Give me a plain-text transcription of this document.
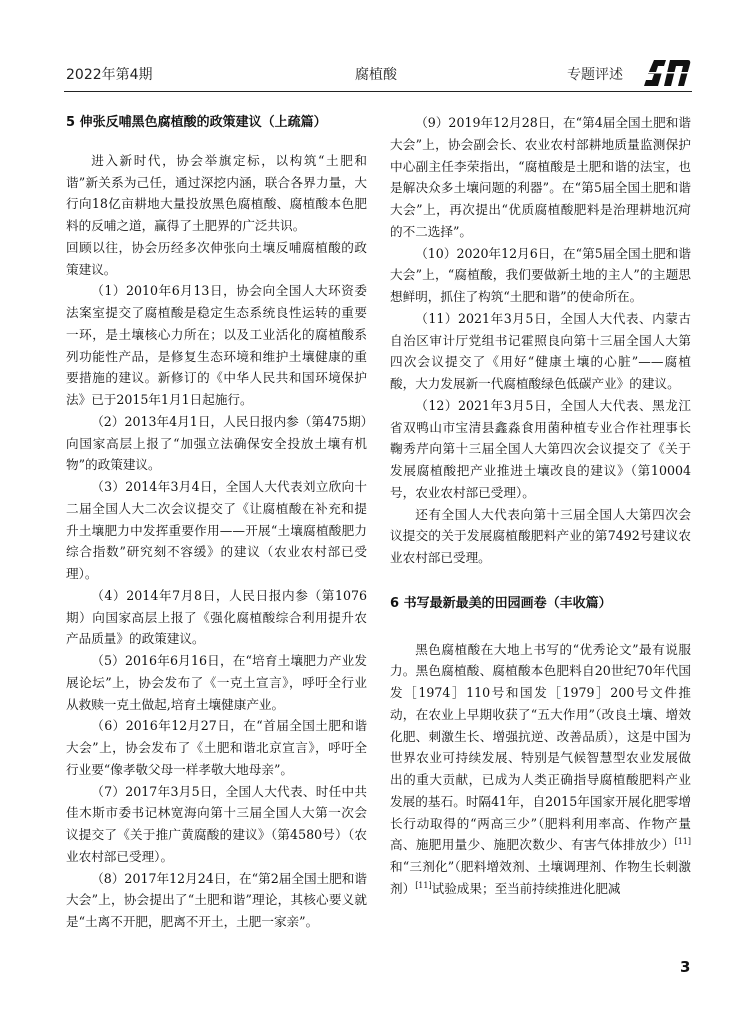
2022年第4期	腐植酸	专题评述
5 伸张反哺黑色腐植酸的政策建议（上疏篇）

进入新时代，协会举旗定标，以构筑“土肥和谐”新关系为己任，通过深挖内涵，联合各界力量，大行向18亿亩耕地大量投放黑色腐植酸、腐植酸本色肥料的反哺之道，赢得了土肥界的广泛共识。

回顾以往，协会历经多次伸张向土壤反哺腐植酸的政策建议。

（1）2010年6月13日，协会向全国人大环资委法案室提交了腐植酸是稳定生态系统良性运转的重要一环，是土壤核心力所在；以及工业活化的腐植酸系列功能性产品，是修复生态环境和维护土壤健康的重要措施的建议。新修订的《中华人民共和国环境保护法》已于2015年1月1日起施行。

（2）2013年4月1日，人民日报内参（第475期）向国家高层上报了“加强立法确保安全投放土壤有机物”的政策建议。

（3）2014年3月4日，全国人大代表刘立欣向十二届全国人大二次会议提交了《让腐植酸在补充和提升土壤肥力中发挥重要作用——开展“土壤腐植酸肥力综合指数”研究刻不容缓》的建议（农业农村部已受理）。

（4）2014年7月8日，人民日报内参（第1076期）向国家高层上报了《强化腐植酸综合利用提升农产品质量》的政策建议。

（5）2016年6月16日，在“培育土壤肥力产业发展论坛”上，协会发布了《一克土宣言》，呼吁全行业从救赎一克土做起,培育土壤健康产业。

（6）2016年12月27日，在“首届全国土肥和谐大会”上，协会发布了《土肥和谐北京宣言》，呼吁全行业要“像孝敬父母一样孝敬大地母亲”。

（7）2017年3月5日，全国人大代表、时任中共佳木斯市委书记林宽海向第十三届全国人大第一次会议提交了《关于推广黄腐酸的建议》（第4580号）（农业农村部已受理）。

（8）2017年12月24日，在“第2届全国土肥和谐大会”上，协会提出了“土肥和谐”理论，其核心要义就是“土离不开肥，肥离不开土，土肥一家亲”。

（9）2019年12月28日，在“第4届全国土肥和谐大会”上，协会副会长、农业农村部耕地质量监测保护中心副主任李荣指出，“腐植酸是土肥和谐的法宝，也是解决众多土壤问题的利器”。在“第5届全国土肥和谐大会”上，再次提出“优质腐植酸肥料是治理耕地沉疴的不二选择”。

（10）2020年12月6日，在“第5届全国土肥和谐大会”上，“腐植酸，我们要做新土地的主人”的主题思想鲜明，抓住了构筑“土肥和谐”的使命所在。

（11）2021年3月5日，全国人大代表、内蒙古自治区审计厅党组书记霍照良向第十三届全国人大第四次会议提交了《用好“健康土壤的心脏”——腐植酸，大力发展新一代腐植酸绿色低碳产业》的建议。

（12）2021年3月5日，全国人大代表、黑龙江省双鸭山市宝清县鑫淼食用菌种植专业合作社理事长鞠秀芹向第十三届全国人大第四次会议提交了《关于发展腐植酸把产业推进土壤改良的建议》（第10004号，农业农村部已受理）。

还有全国人大代表向第十三届全国人大第四次会议提交的关于发展腐植酸肥料产业的第7492号建议农业农村部已受理。

6 书写最新最美的田园画卷（丰收篇）

黑色腐植酸在大地上书写的“优秀论文”最有说服力。黑色腐植酸、腐植酸本色肥料自20世纪70年代国发［1974］110号和国发［1979］200号文件推动，在农业上早期收获了“五大作用”（改良土壤、增效化肥、刺激生长、增强抗逆、改善品质），这是中国为世界农业可持续发展、特别是气候智慧型农业发展做出的重大贡献，已成为人类正确指导腐植酸肥料产业发展的基石。时隔41年，自2015年国家开展化肥零增长行动取得的“两高三少”（肥料利用率高、作物产量高、施肥用量少、施肥次数少、有害气体排放少）[11]和“三剂化”（肥料增效剂、土壤调理剂、作物生长刺激剂）[11]试验成果；至当前持续推进化肥减

3
